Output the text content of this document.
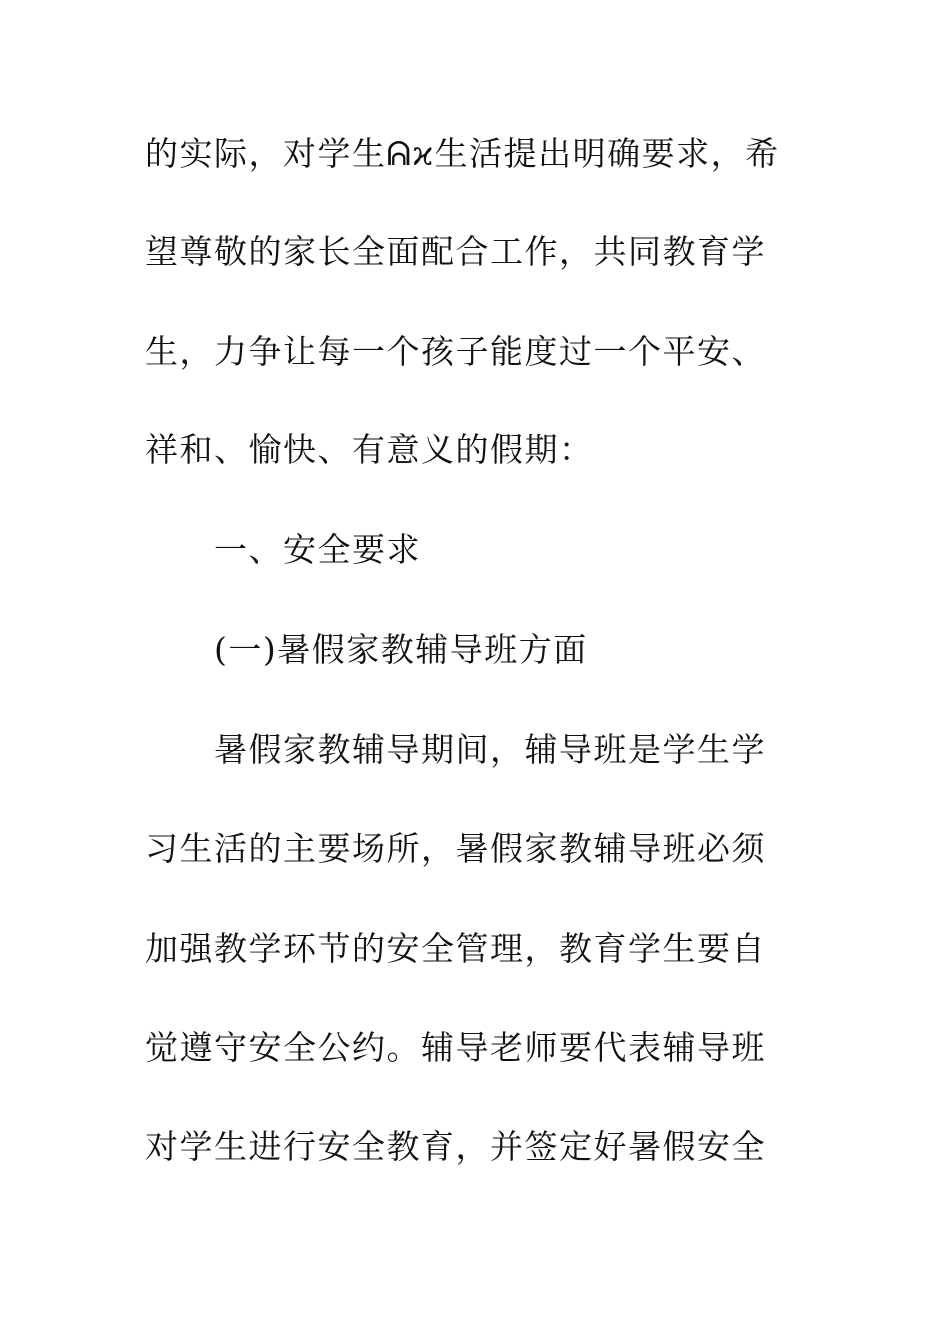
的实际，对学生ᕱϰ生活提出明确要求，希
望尊敬的家长全面配合工作，共同教育学
生，力争让每一个孩子能度过一个平安、
祥和、愉快、有意义的假期：
一、安全要求
(一)暑假家教辅导班方面
暑假家教辅导期间，辅导班是学生学
习生活的主要场所，暑假家教辅导班必须
加强教学环节的安全管理，教育学生要自
觉遵守安全公约。辅导老师要代表辅导班
对学生进行安全教育，并签定好暑假安全
